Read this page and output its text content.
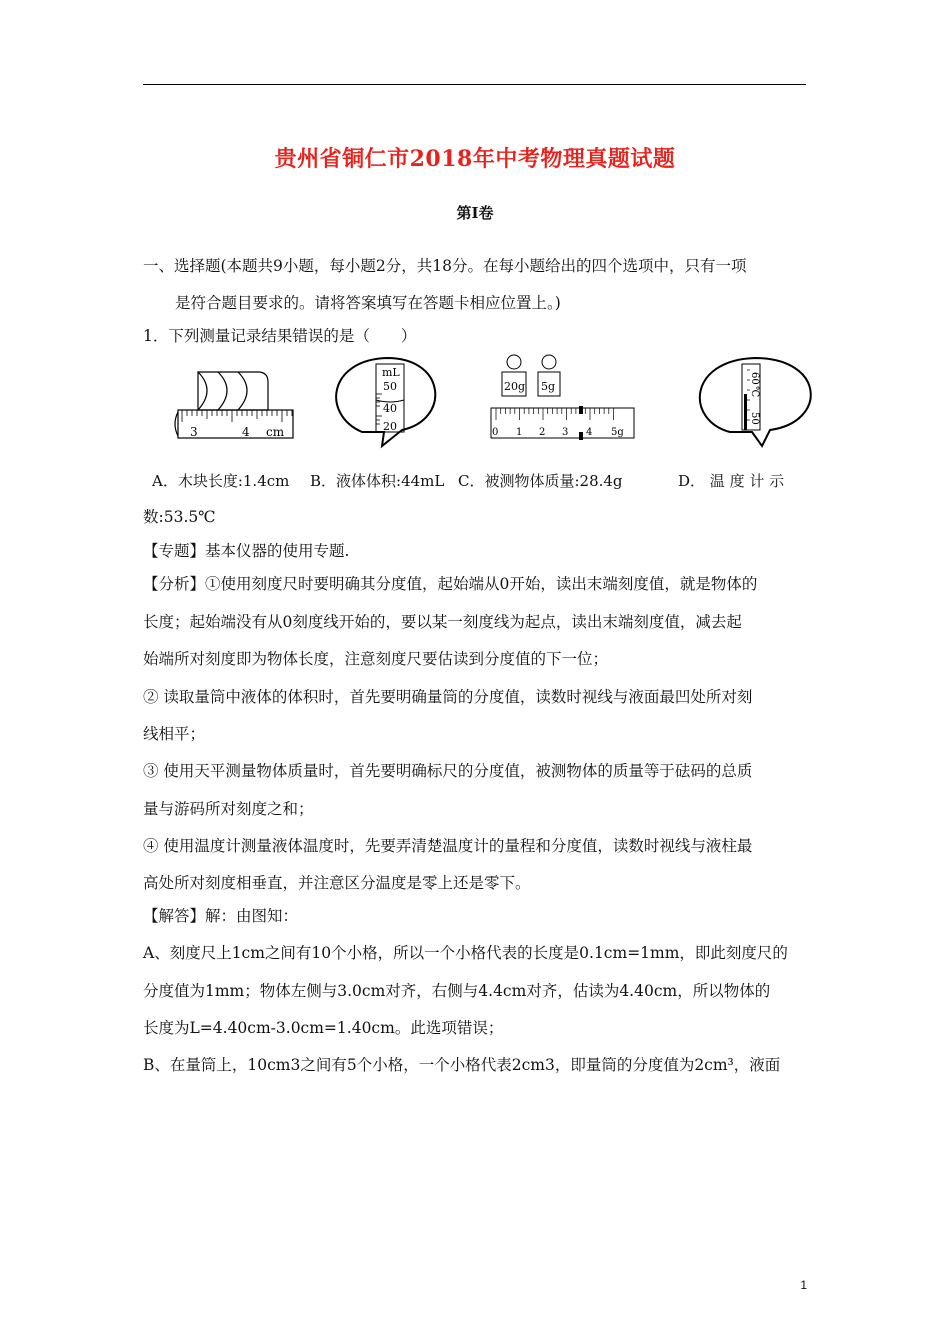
贵州省铜仁市2018年中考物理真题试题
第Ⅰ卷
一、选择题(本题共9小题，每小题2分，共18分。在每小题给出的四个选项中，只有一项
是符合题目要求的。请将答案填写在答题卡相应位置上。)
1．下列测量记录结果错误的是（　　）
3	4 cm
mL
50
40
20
20g 5g
0 1 2 3 4 5g
60
℃
50
A．木块长度:1.4cm B．液体体积:44mL C．被测物体质量:28.4g	D． 温 度 计 示
数:53.5℃
【专题】基本仪器的使用专题.
【分析】①使用刻度尺时要明确其分度值，起始端从0开始，读出末端刻度值，就是物体的
长度；起始端没有从0刻度线开始的，要以某一刻度线为起点，读出末端刻度值，减去起
始端所对刻度即为物体长度，注意刻度尺要估读到分度值的下一位；
② 读取量筒中液体的体积时，首先要明确量筒的分度值，读数时视线与液面最凹处所对刻
线相平；
③ 使用天平测量物体质量时，首先要明确标尺的分度值，被测物体的质量等于砝码的总质
量与游码所对刻度之和；
④ 使用温度计测量液体温度时，先要弄清楚温度计的量程和分度值，读数时视线与液柱最
高处所对刻度相垂直，并注意区分温度是零上还是零下。
【解答】解：由图知：
A、刻度尺上1cm之间有10个小格，所以一个小格代表的长度是0.1cm=1mm，即此刻度尺的
分度值为1mm；物体左侧与3.0cm对齐，右侧与4.4cm对齐，估读为4.40cm，所以物体的
长度为L=4.40cm-3.0cm=1.40cm。此选项错误；
B、在量筒上，10cm3之间有5个小格，一个小格代表2cm3，即量筒的分度值为2cm³，液面
1
